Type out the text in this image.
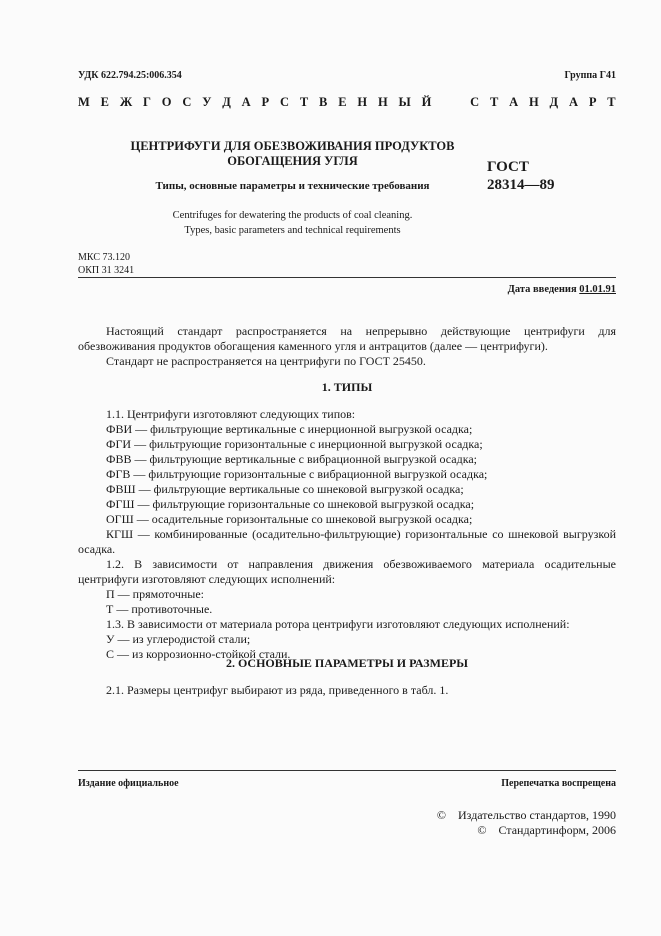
УДК 622.794.25:006.354	Группа Г41
М Е Ж Г О С У Д А Р С Т В Е Н Н Ы Й

	С Т А Н Д А Р Т
ЦЕНТРИФУГИ ДЛЯ ОБЕЗВОЖИВАНИЯ ПРОДУКТОВ
ОБОГАЩЕНИЯ УГЛЯ
Типы, основные параметры и технические требования
Centrifuges for dewatering the products of coal cleaning.
Types, basic parameters and technical requirements
ГОСТ
28314—89
МКС 73.120
ОКП 31 3241
Дата введения 01.01.91

Настоящий стандарт распространяется на непрерывно действующие центрифуги для обезвоживания продуктов обогащения каменного угля и антрацитов (далее — центрифуги).

Стандарт не распространяется на центрифуги по ГОСТ 25450.

1. ТИПЫ

1.1. Центрифуги изготовляют следующих типов:

ФВИ — фильтрующие вертикальные с инерционной выгрузкой осадка;

ФГИ — фильтрующие горизонтальные с инерционной выгрузкой осадка;

ФВВ — фильтрующие вертикальные с вибрационной выгрузкой осадка;

ФГВ — фильтрующие горизонтальные с вибрационной выгрузкой осадка;

ФВШ — фильтрующие вертикальные со шнековой выгрузкой осадка;

ФГШ — фильтрующие горизонтальные со шнековой выгрузкой осадка;

ОГШ — осадительные горизонтальные со шнековой выгрузкой осадка;

КГШ — комбинированные (осадительно-фильтрующие) горизонтальные со шнековой выгрузкой осадка.

1.2. В зависимости от направления движения обезвоживаемого материала осадительные центрифуги изготовляют следующих исполнений:

П — прямоточные:

Т — противоточные.

1.3. В зависимости от материала ротора центрифуги изготовляют следующих исполнений:

У — из углеродистой стали;

С — из коррозионно-стойкой стали.

2. ОСНОВНЫЕ ПАРАМЕТРЫ И РАЗМЕРЫ

2.1. Размеры центрифуг выбирают из ряда, приведенного в табл. 1.

Издание официальное	Перепечатка воспрещена
© Издательство стандартов, 1990
© Стандартинформ, 2006
